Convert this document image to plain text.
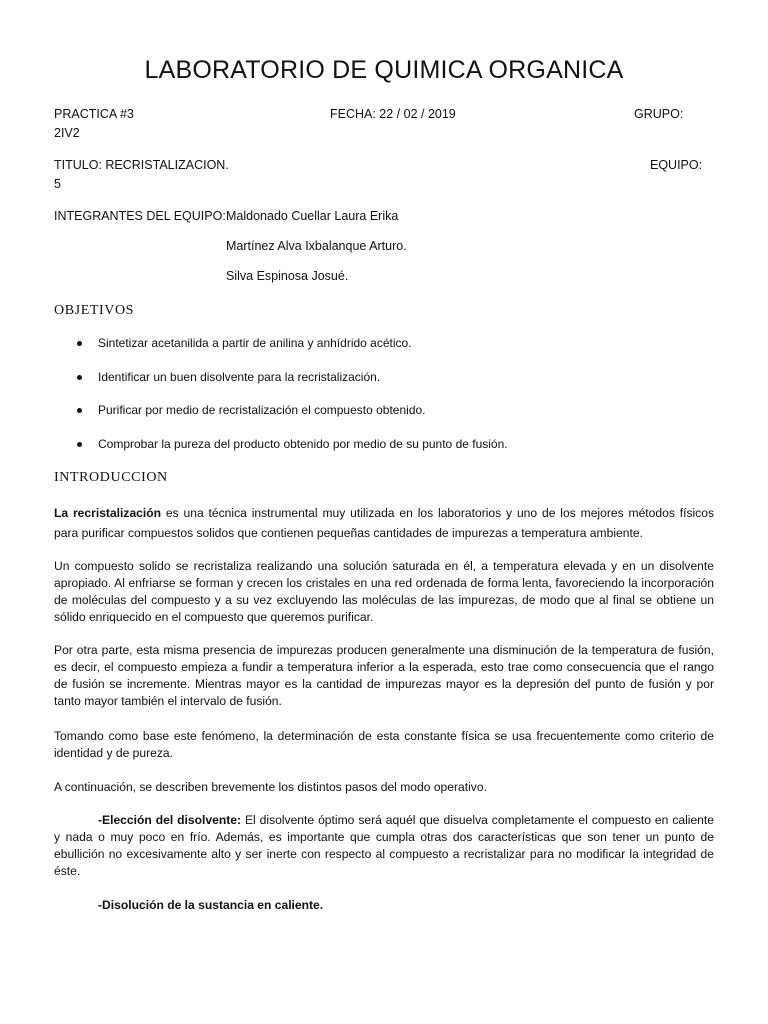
LABORATORIO DE QUIMICA ORGANICA
PRACTICA #3	FECHA: 22 / 02 / 2019	GRUPO:
2IV2
TITULO: RECRISTALIZACION.	EQUIPO:
5
INTEGRANTES DEL EQUIPO: Maldonado Cuellar Laura Erika
Martínez Alva Ixbalanque Arturo.
Silva Espinosa Josué.
OBJETIVOS
Sintetizar acetanilida a partir de anilina y anhídrido acético.
Identificar un buen disolvente para la recristalización.
Purificar por medio de recristalización el compuesto obtenido.
Comprobar la pureza del producto obtenido por medio de su punto de fusión.
INTRODUCCION
La recristalización es una técnica instrumental muy utilizada en los laboratorios y uno de los mejores métodos físicos para purificar compuestos solidos que contienen pequeñas cantidades de impurezas a temperatura ambiente.
Un compuesto solido se recristaliza realizando una solución saturada en él, a temperatura elevada y en un disolvente apropiado. Al enfriarse se forman y crecen los cristales en una red ordenada de forma lenta, favoreciendo la incorporación de moléculas del compuesto y a su vez excluyendo las moléculas de las impurezas, de modo que al final se obtiene un sólido enriquecido en el compuesto que queremos purificar.
Por otra parte, esta misma presencia de impurezas producen generalmente una disminución de la temperatura de fusión, es decir, el compuesto empieza a fundir a temperatura inferior a la esperada, esto trae como consecuencia que el rango de fusión se incremente. Mientras mayor es la cantidad de impurezas mayor es la depresión del punto de fusión y por tanto mayor también el intervalo de fusión.
Tomando como base este fenómeno, la determinación de esta constante física se usa frecuentemente como criterio de identidad y de pureza.
A continuación, se describen brevemente los distintos pasos del modo operativo.
-Elección del disolvente: El disolvente óptimo será aquél que disuelva completamente el compuesto en caliente y nada o muy poco en frío. Además, es importante que cumpla otras dos características que son tener un punto de ebullición no excesivamente alto y ser inerte con respecto al compuesto a recristalizar para no modificar la integridad de éste.
-Disolución de la sustancia en caliente.
